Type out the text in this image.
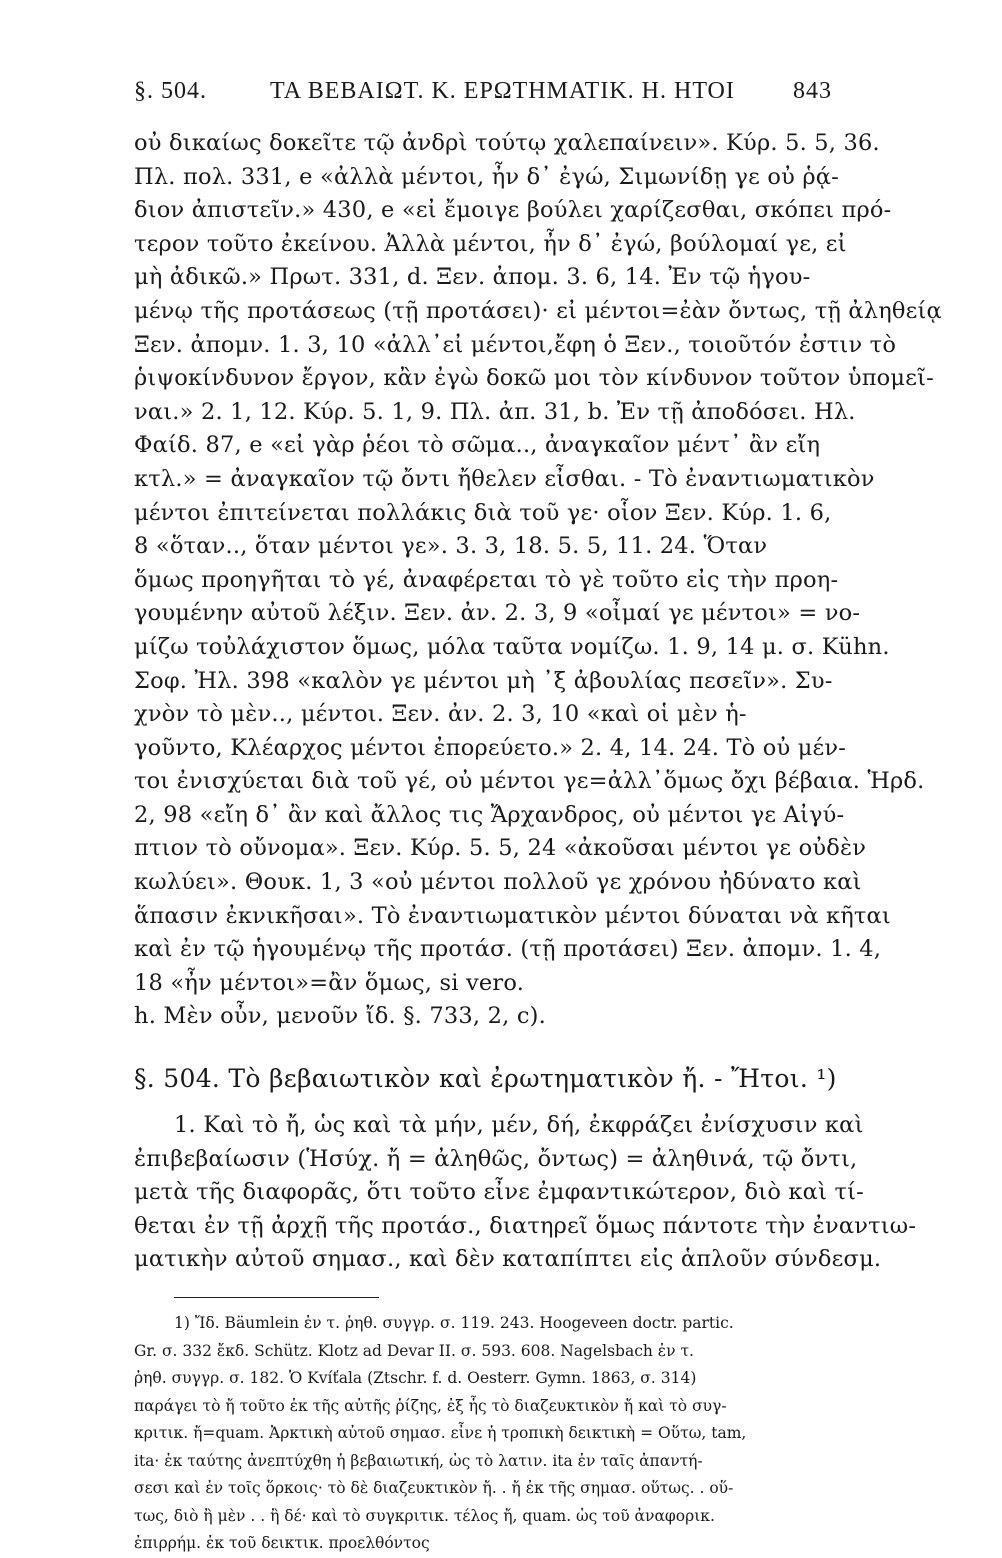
§. 504.	ΤΑ ΒΕΒΑΙΩΤ. Κ. ΕΡΩΤΗΜΑΤΙΚ. Η. ΗΤΟΙ	843
οὐ δικαίως δοκεῖτε τῷ ἀνδρὶ τούτῳ χαλεπαίνειν». Κύρ. 5. 5, 36.
Πλ. πολ. 331, e «ἀλλὰ μέντοι, ἦν δ᾽ ἐγώ, Σιμωνίδῃ γε οὐ ῥᾴ-
διον ἀπιστεῖν.» 430, e «εἰ ἔμοιγε βούλει χαρίζεσθαι, σκόπει πρό-
τερον τοῦτο ἐκείνου. Ἀλλὰ μέντοι, ἦν δ᾽ ἐγώ, βούλομαί γε, εἰ
μὴ ἀδικῶ.» Πρωτ. 331, d. Ξεν. ἀπομ. 3. 6, 14. Ἐν τῷ ἡγου-
μένῳ τῆς προτάσεως (τῇ προτάσει)· εἰ μέντοι=ἐὰν ὄντως, τῇ ἀληθείᾳ
Ξεν. ἀπομν. 1. 3, 10 «ἀλλ᾽εἰ μέντοι,ἔφη ὁ Ξεν., τοιοῦτόν ἐστιν τὸ
ῥιψοκίνδυνον ἔργον, κἂν ἐγὼ δοκῶ μοι τὸν κίνδυνον τοῦτον ὑπομεῖ-
ναι.» 2. 1, 12. Κύρ. 5. 1, 9. Πλ. ἀπ. 31, b. Ἐν τῇ ἀποδόσει. Ηλ.
Φαίδ. 87, e «εἰ γὰρ ῥέοι τὸ σῶμα.., ἀναγκαῖον μέντ᾽ ἂν εἴη
κτλ.» = ἀναγκαῖον τῷ ὄντι ἤθελεν εἶσθαι. - Τὸ ἐναντιωματικὸν
μέντοι ἐπιτείνεται πολλάκις διὰ τοῦ γε· οἷον Ξεν. Κύρ. 1. 6,
8 «ὅταν.., ὅταν μέντοι γε». 3. 3, 18. 5. 5, 11. 24. Ὅταν
ὅμως προηγῆται τὸ γέ, ἀναφέρεται τὸ γὲ τοῦτο εἰς τὴν προη-
γουμένην αὐτοῦ λέξιν. Ξεν. ἀν. 2. 3, 9 «οἶμαί γε μέντοι» = νο-
μίζω τοὐλάχιστον ὅμως, μόλα ταῦτα νομίζω. 1. 9, 14 μ. σ. Kühn.
Σοφ. Ἠλ. 398 «καλὸν γε μέντοι μὴ ᾿ξ ἀβουλίας πεσεῖν». Συ-
χνὸν τὸ μὲν.., μέντοι. Ξεν. ἀν. 2. 3, 10 «καὶ οἱ μὲν ἡ-
γοῦντο, Κλέαρχος μέντοι ἐπορεύετο.» 2. 4, 14. 24. Τὸ οὐ μέν-
τοι ἐνισχύεται διὰ τοῦ γέ, οὐ μέντοι γε=ἀλλ᾽ὅμως ὄχι βέβαια. Ἡρδ.
2, 98 «εἴη δ᾽ ἂν καὶ ἄλλος τις Ἄρχανδρος, οὐ μέντοι γε Αἰγύ-
πτιον τὸ οὔνομα». Ξεν. Κύρ. 5. 5, 24 «ἀκοῦσαι μέντοι γε οὐδὲν
κωλύει». Θουκ. 1, 3 «οὐ μέντοι πολλοῦ γε χρόνου ἠδύνατο καὶ
ἅπασιν ἐκνικῆσαι». Τὸ ἐναντιωματικὸν μέντοι δύναται νὰ κῆται
καὶ ἐν τῷ ἡγουμένῳ τῆς προτάσ. (τῇ προτάσει) Ξεν. ἀπομν. 1. 4,
18 «ἦν μέντοι»=ἂν ὅμως, si vero.
h. Μὲν οὖν, μενοῦν ἴδ. §. 733, 2, c).
§. 504. Τὸ βεβαιωτικὸν καὶ ἐρωτηματικὸν ἤ. - Ἤτοι. ¹)
1. Καὶ τὸ ἤ, ὡς καὶ τὰ μήν, μέν, δή, ἐκφράζει ἐνίσχυσιν καὶ
ἐπιβεβαίωσιν (Ἡσύχ. ἤ = ἀληθῶς, ὄντως) = ἀληθινά, τῷ ὄντι,
μετὰ τῆς διαφορᾶς, ὅτι τοῦτο εἶνε ἐμφαντικώτερον, διὸ καὶ τί-
θεται ἐν τῇ ἀρχῇ τῆς προτάσ., διατηρεῖ ὅμως πάντοτε τὴν ἐναντιω-
ματικὴν αὐτοῦ σημασ., καὶ δὲν καταπίπτει εἰς ἁπλοῦν σύνδεσμ.
1) Ἴδ. Bäumlein ἐν τ. ῥηθ. συγγρ. σ. 119. 243. Hoogeveen doctr. partic.
Gr. σ. 332 ἔκδ. Schütz. Klotz ad Devar II. σ. 593. 608. Nagelsbach ἐν τ.
ῥηθ. συγγρ. σ. 182. Ὁ Kvíťala (Ztschr. f. d. Oesterr. Gymn. 1863, σ. 314)
παράγει τὸ ἤ τοῦτο ἐκ τῆς αὐτῆς ῥίζης, ἐξ ἧς τὸ διαζευκτικὸν ἤ καὶ τὸ συγ-
κριτικ. ἤ=quam. Ἀρκτικὴ αὐτοῦ σημασ. εἶνε ἡ τροπικὴ δεικτικὴ = Οὕτω, tam,
ita· ἐκ ταύτης ἀνεπτύχθη ἡ βεβαιωτική, ὡς τὸ λατιν. ita ἐν ταῖς ἀπαντή-
σεσι καὶ ἐν τοῖς ὅρκοις· τὸ δὲ διαζευκτικὸν ἤ. . ἤ ἐκ τῆς σημασ. οὕτως. . οὕ-
τως, διὸ ἢ μὲν . . ἢ δέ· καὶ τὸ συγκριτικ. τέλος ἤ, quam. ὡς τοῦ ἀναφορικ.
ἐπιρρήμ. ἐκ τοῦ δεικτικ. προελθόντος
